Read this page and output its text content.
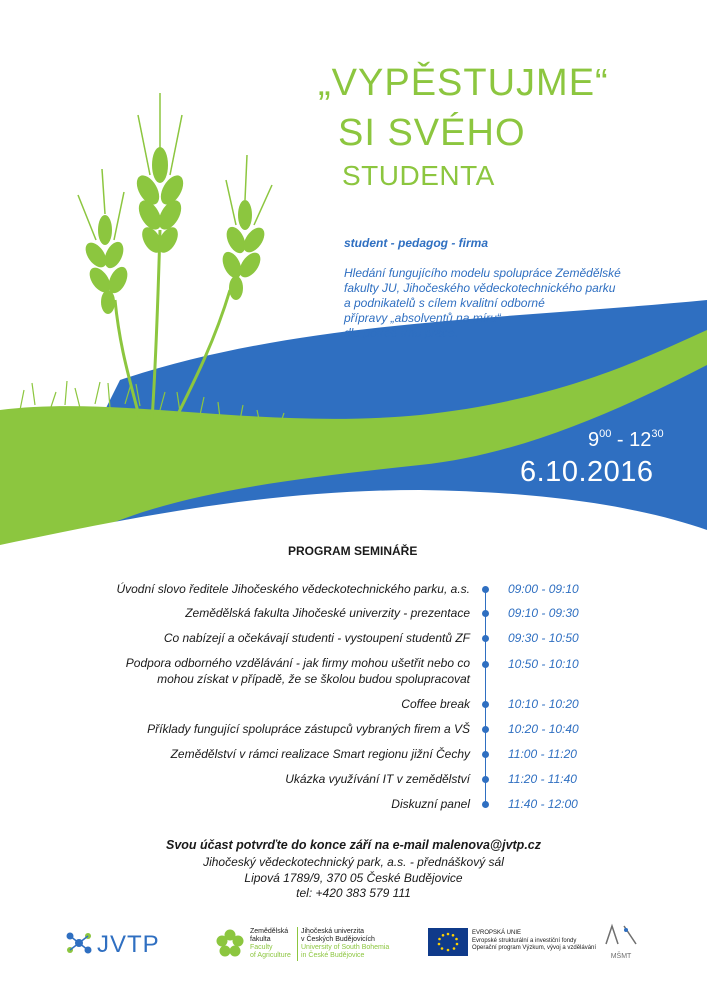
„VYPĚSTUJME“
SI SVÉHO
STUDENTA
student - pedagog - firma
Hledání fungujícího modelu spolupráce Zemědělské
fakulty JU, Jihočeského vědeckotechnického parku
a podnikatelů s cílem kvalitní odborné
přípravy „absolventů na míru“
dle potřeb trhu práce.
$9^{00} - 12^{30}$
6.10.2016
PROGRAM SEMINÁŘE
Úvodní slovo ředitele Jihočeského vědeckotechnického parku, a.s.	09:00 - 09:10
Zemědělská fakulta Jihočeské univerzity - prezentace	09:10 - 09:30
Co nabízejí a očekávají studenti - vystoupení studentů ZF	09:30 - 10:50
Podpora odborného vzdělávání - jak firmy mohou ušetřit nebo co
mohou získat v případě, že se školou budou spolupracovat
10:50 - 10:10
Coffee break	10:10 - 10:20
Příklady fungující spolupráce zástupců vybraných firem a VŠ	10:20 - 10:40
Zemědělství v rámci realizace Smart regionu jižní Čechy	11:00 - 11:20
Ukázka využívání IT v zemědělství	11:20 - 11:40
Diskuzní panel	11:40 - 12:00
Svou účast potvrďte do konce září na e-mail malenova@jvtp.cz
Jihočeský vědeckotechnický park, a.s. - přednáškový sál
Lipová 1789/9, 370 05 České Budějovice
tel: +420 383 579 111
JVTP	Zemědělská
fakulta
Faculty
of Agriculture
Jihočeská univerzita
v Českých Budějovicích
University of South Bohemia
in České Budějovice
EVROPSKÁ UNIE
Evropské strukturální a investiční fondy
Operační program Výzkum, vývoj a vzdělávání
MŠMT
